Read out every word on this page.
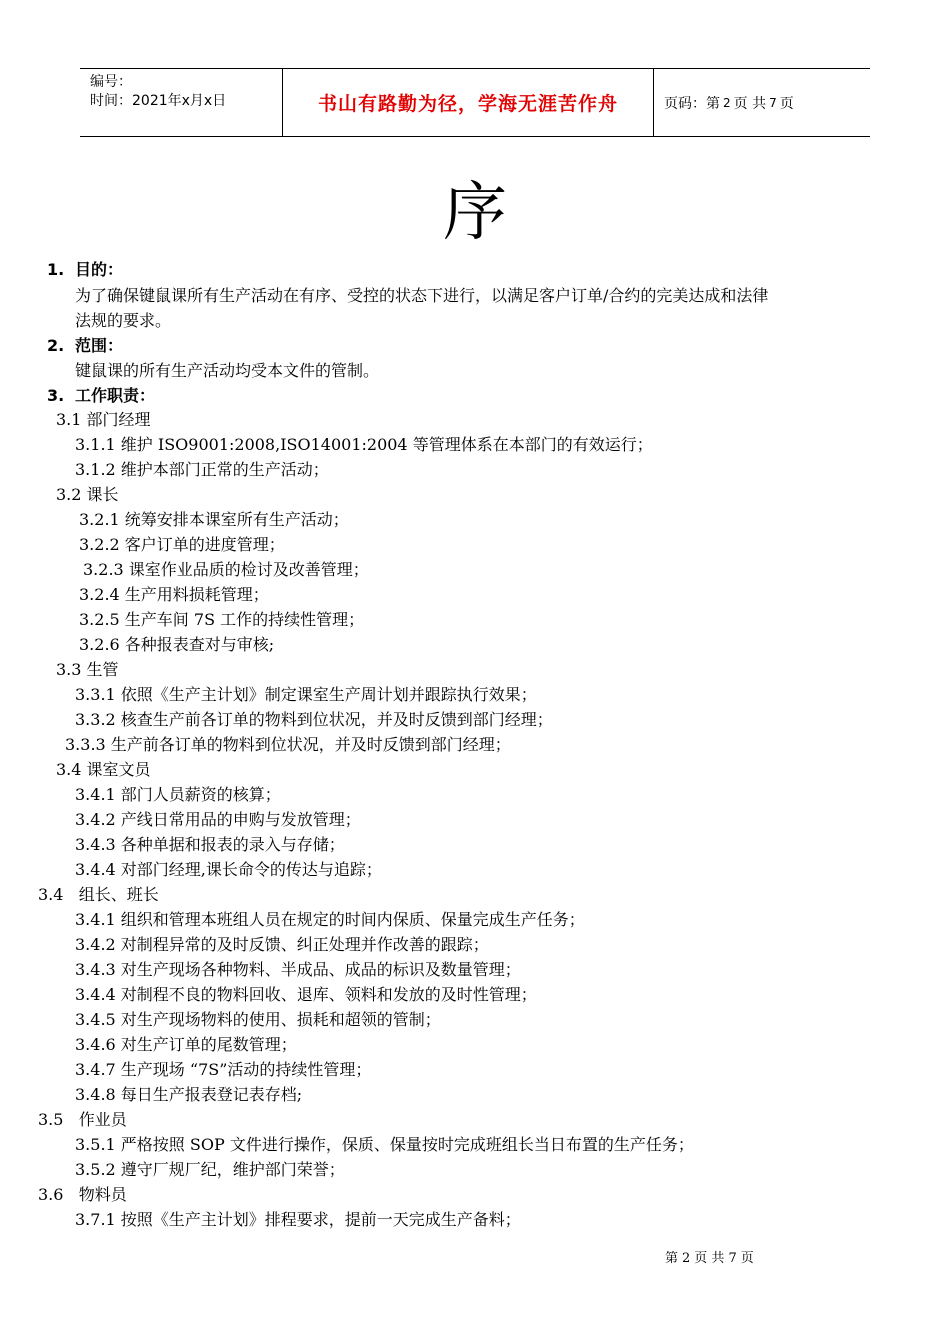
编号：
时间：2021年x月x日	书山有路勤为径，学海无涯苦作舟	页码：第 2 页 共 7 页
序
1. 目的：
为了确保键鼠课所有生产活动在有序、受控的状态下进行，以满足客户订单/合约的完美达成和法律
法规的要求。
2. 范围：
键鼠课的所有生产活动均受本文件的管制。
3. 工作职责：
3.1 部门经理
3.1.1 维护 ISO9001:2008,ISO14001:2004 等管理体系在本部门的有效运行；
3.1.2 维护本部门正常的生产活动；
3.2 课长
3.2.1 统筹安排本课室所有生产活动；
3.2.2 客户订单的进度管理；
3.2.3 课室作业品质的检讨及改善管理；
3.2.4 生产用料损耗管理；
3.2.5 生产车间 7S 工作的持续性管理；
3.2.6 各种报表查对与审核;
3.3 生管
3.3.1 依照《生产主计划》制定课室生产周计划并跟踪执行效果；
3.3.2 核查生产前各订单的物料到位状况，并及时反馈到部门经理；
3.3.3 生产前各订单的物料到位状况，并及时反馈到部门经理；
3.4 课室文员
3.4.1 部门人员薪资的核算；
3.4.2 产线日常用品的申购与发放管理；
3.4.3 各种单据和报表的录入与存储；
3.4.4 对部门经理,课长命令的传达与追踪；
3.4   组长、班长
3.4.1 组织和管理本班组人员在规定的时间内保质、保量完成生产任务；
3.4.2 对制程异常的及时反馈、纠正处理并作改善的跟踪；
3.4.3 对生产现场各种物料、半成品、成品的标识及数量管理；
3.4.4 对制程不良的物料回收、退库、领料和发放的及时性管理；
3.4.5 对生产现场物料的使用、损耗和超领的管制；
3.4.6 对生产订单的尾数管理；
3.4.7 生产现场 “7S”活动的持续性管理；
3.4.8 每日生产报表登记表存档;
3.5   作业员
3.5.1 严格按照 SOP 文件进行操作，保质、保量按时完成班组长当日布置的生产任务；
3.5.2 遵守厂规厂纪，维护部门荣誉；
3.6   物料员
3.7.1 按照《生产主计划》排程要求，提前一天完成生产备料；
第 2 页 共 7 页
